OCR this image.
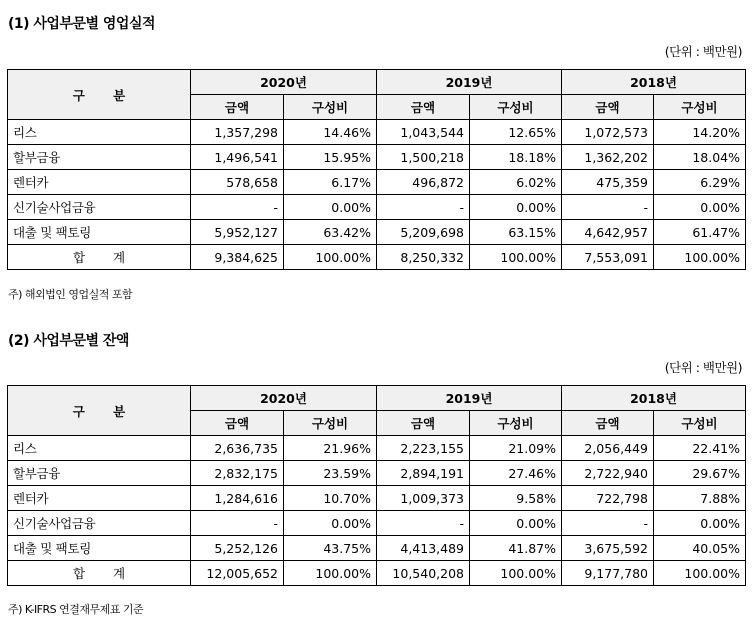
(1) 사업부문별 영업실적
(단위 : 백만원)
구 분	2020년		2019년		2018년	
	금액	구성비	금액	구성비	금액	구성비
리스	1,357,298	14.46%	1,043,544	12.65%	1,072,573	14.20%
할부금융	1,496,541	15.95%	1,500,218	18.18%	1,362,202	18.04%
렌터카	578,658	6.17%	496,872	6.02%	475,359	6.29%
신기술사업금융	-	0.00%	-	0.00%	-	0.00%
대출 및 팩토링	5,952,127	63.42%	5,209,698	63.15%	4,642,957	61.47%
합 계	9,384,625	100.00%	8,250,332	100.00%	7,553,091	100.00%
주) 해외법인 영업실적 포함
(2) 사업부문별 잔액
(단위 : 백만원)
구 분	2020년		2019년		2018년	
	금액	구성비	금액	구성비	금액	구성비
리스	2,636,735	21.96%	2,223,155	21.09%	2,056,449	22.41%
할부금융	2,832,175	23.59%	2,894,191	27.46%	2,722,940	29.67%
렌터카	1,284,616	10.70%	1,009,373	9.58%	722,798	7.88%
신기술사업금융	-	0.00%	-	0.00%	-	0.00%
대출 및 팩토링	5,252,126	43.75%	4,413,489	41.87%	3,675,592	40.05%
합 계	12,005,652	100.00%	10,540,208	100.00%	9,177,780	100.00%
주) K-IFRS 연결재무제표 기준
